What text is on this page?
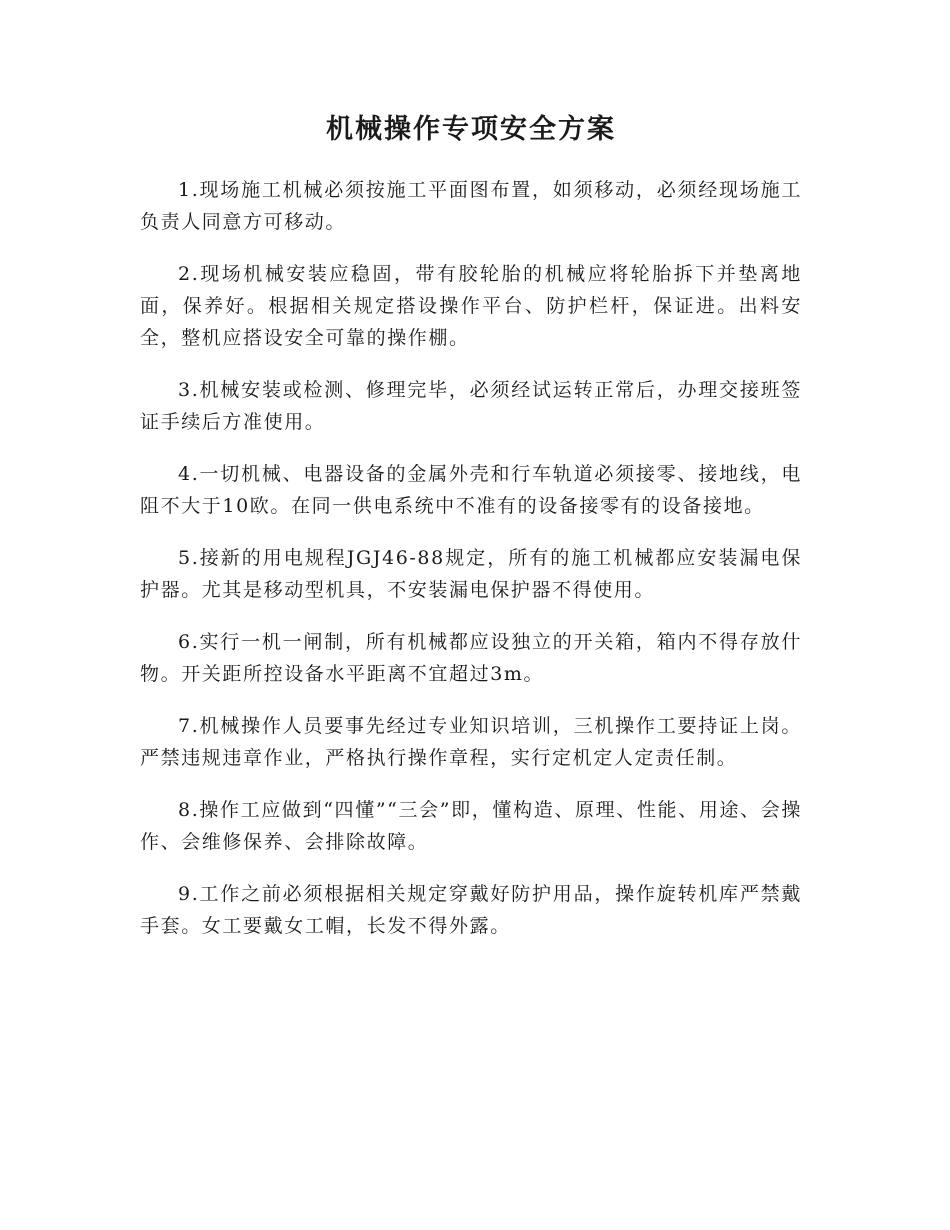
机械操作专项安全方案

1.现场施工机械必须按施工平面图布置，如须移动，必须经现场施工负责人同意方可移动。

2.现场机械安装应稳固，带有胶轮胎的机械应将轮胎拆下并垫离地面，保养好。根据相关规定搭设操作平台、防护栏杆，保证进。出料安全，整机应搭设安全可靠的操作棚。

3.机械安装或检测、修理完毕，必须经试运转正常后，办理交接班签证手续后方准使用。

4.一切机械、电器设备的金属外壳和行车轨道必须接零、接地线，电阻不大于10欧。在同一供电系统中不准有的设备接零有的设备接地。

5.接新的用电规程JGJ46-88规定，所有的施工机械都应安装漏电保护器。尤其是移动型机具，不安装漏电保护器不得使用。

6.实行一机一闸制，所有机械都应设独立的开关箱，箱内不得存放什物。开关距所控设备水平距离不宜超过3m。

7.机械操作人员要事先经过专业知识培训，三机操作工要持证上岗。严禁违规违章作业，严格执行操作章程，实行定机定人定责任制。

8.操作工应做到“四懂”“三会”即，懂构造、原理、性能、用途、会操作、会维修保养、会排除故障。

9.工作之前必须根据相关规定穿戴好防护用品，操作旋转机库严禁戴手套。女工要戴女工帽，长发不得外露。
